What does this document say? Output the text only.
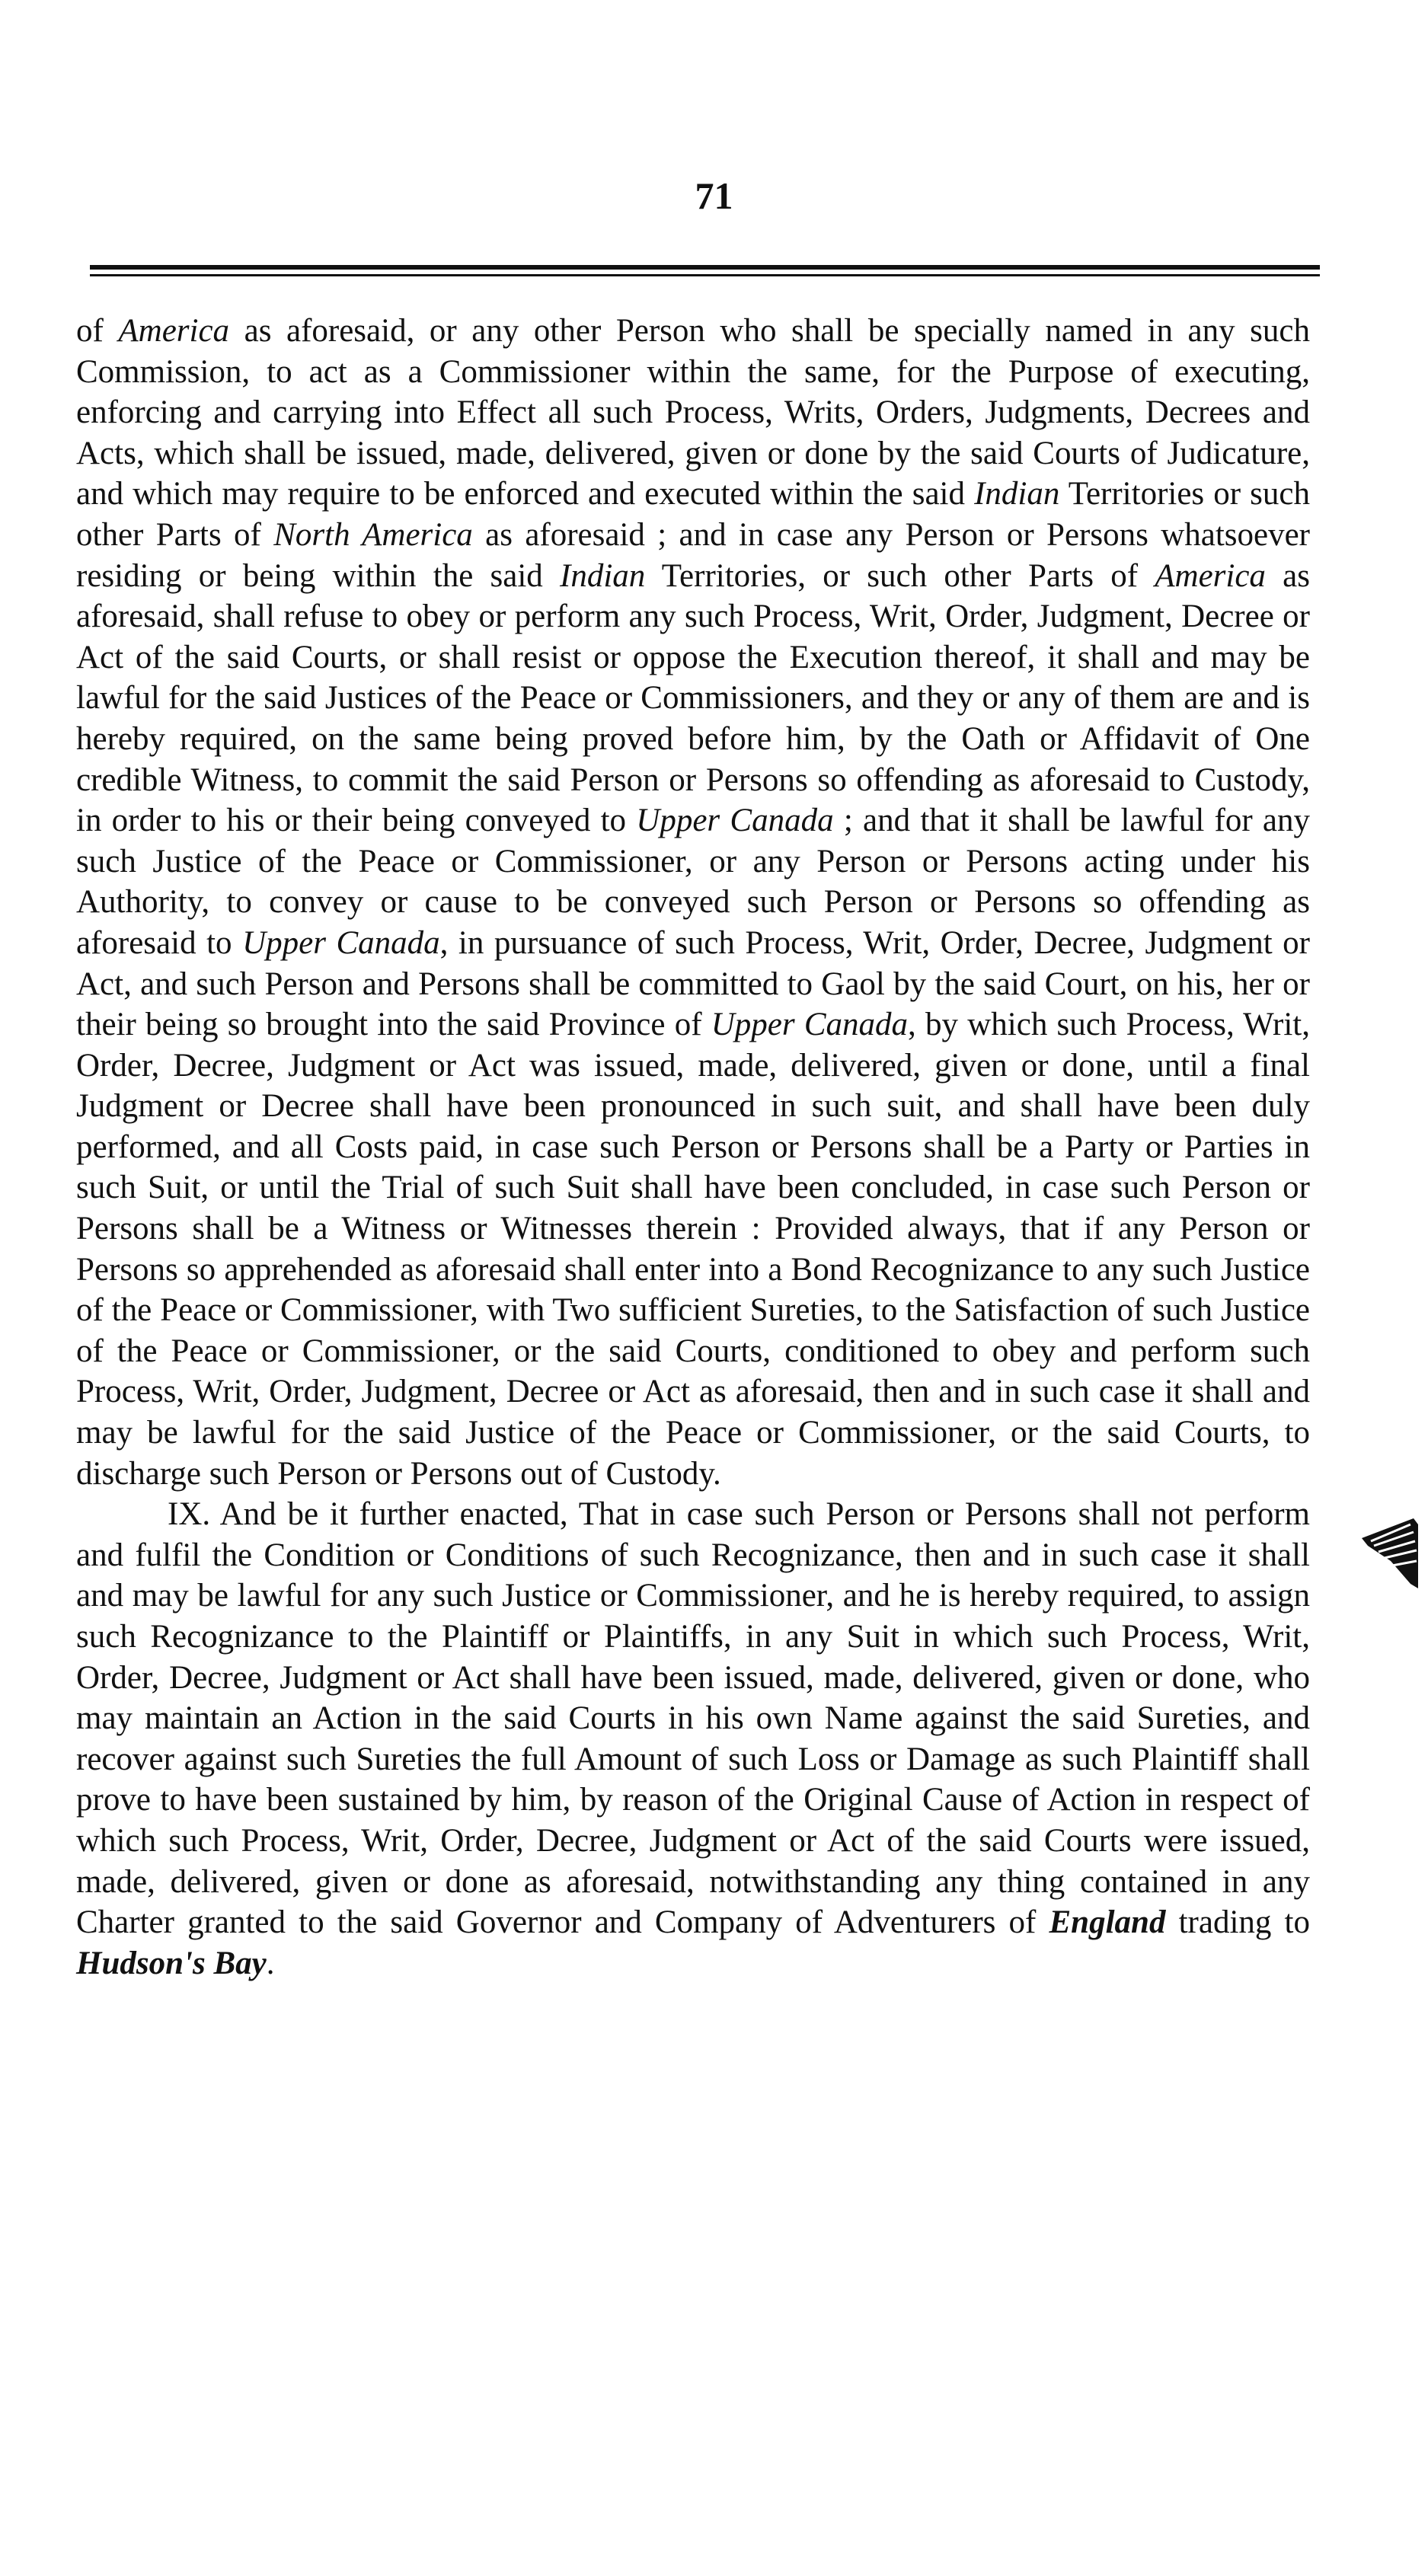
71

of America as aforesaid, or any other Person who shall be specially named in any such Commission, to act as a Commissioner within the same, for the Purpose of executing, enforcing and carrying into Effect all such Process, Writs, Orders, Judgments, Decrees and Acts, which shall be issued, made, delivered, given or done by the said Courts of Judicature, and which may require to be enforced and executed within the said Indian Territories or such other Parts of North America as aforesaid ; and in case any Person or Persons whatsoever residing or being within the said Indian Territories, or such other Parts of America as aforesaid, shall refuse to obey or perform any such Process, Writ, Order, Judgment, Decree or Act of the said Courts, or shall resist or oppose the Execution thereof, it shall and may be lawful for the said Justices of the Peace or Commissioners, and they or any of them are and is hereby required, on the same being proved before him, by the Oath or Affidavit of One credible Witness, to commit the said Person or Persons so offending as aforesaid to Custody, in order to his or their being conveyed to Upper Canada ; and that it shall be lawful for any such Justice of the Peace or Commissioner, or any Person or Persons acting under his Authority, to convey or cause to be conveyed such Person or Persons so offending as aforesaid to Upper Canada, in pursuance of such Process, Writ, Order, Decree, Judgment or Act, and such Person and Persons shall be committed to Gaol by the said Court, on his, her or their being so brought into the said Province of Upper Canada, by which such Process, Writ, Order, Decree, Judgment or Act was issued, made, delivered, given or done, until a final Judgment or Decree shall have been pronounced in such suit, and shall have been duly performed, and all Costs paid, in case such Person or Persons shall be a Party or Parties in such Suit, or until the Trial of such Suit shall have been concluded, in case such Person or Persons shall be a Witness or Witnesses therein : Provided always, that if any Person or Persons so apprehended as aforesaid shall enter into a Bond Recognizance to any such Justice of the Peace or Commissioner, with Two sufficient Sureties, to the Satisfaction of such Justice of the Peace or Commissioner, or the said Courts, conditioned to obey and perform such Process, Writ, Order, Judgment, Decree or Act as aforesaid, then and in such case it shall and may be lawful for the said Justice of the Peace or Commissioner, or the said Courts, to discharge such Person or Persons out of Custody.

IX. And be it further enacted, That in case such Person or Persons shall not perform and fulfil the Condition or Conditions of such Recognizance, then and in such case it shall and may be lawful for any such Justice or Commissioner, and he is hereby required, to assign such Recognizance to the Plaintiff or Plaintiffs, in any Suit in which such Process, Writ, Order, Decree, Judgment or Act shall have been issued, made, delivered, given or done, who may maintain an Action in the said Courts in his own Name against the said Sureties, and recover against such Sureties the full Amount of such Loss or Damage as such Plaintiff shall prove to have been sustained by him, by reason of the Original Cause of Action in respect of which such Process, Writ, Order, Decree, Judgment or Act of the said Courts were issued, made, delivered, given or done as aforesaid, notwithstanding any thing contained in any Charter granted to the said Governor and Company of Adventurers of England trading to Hudson's Bay.
